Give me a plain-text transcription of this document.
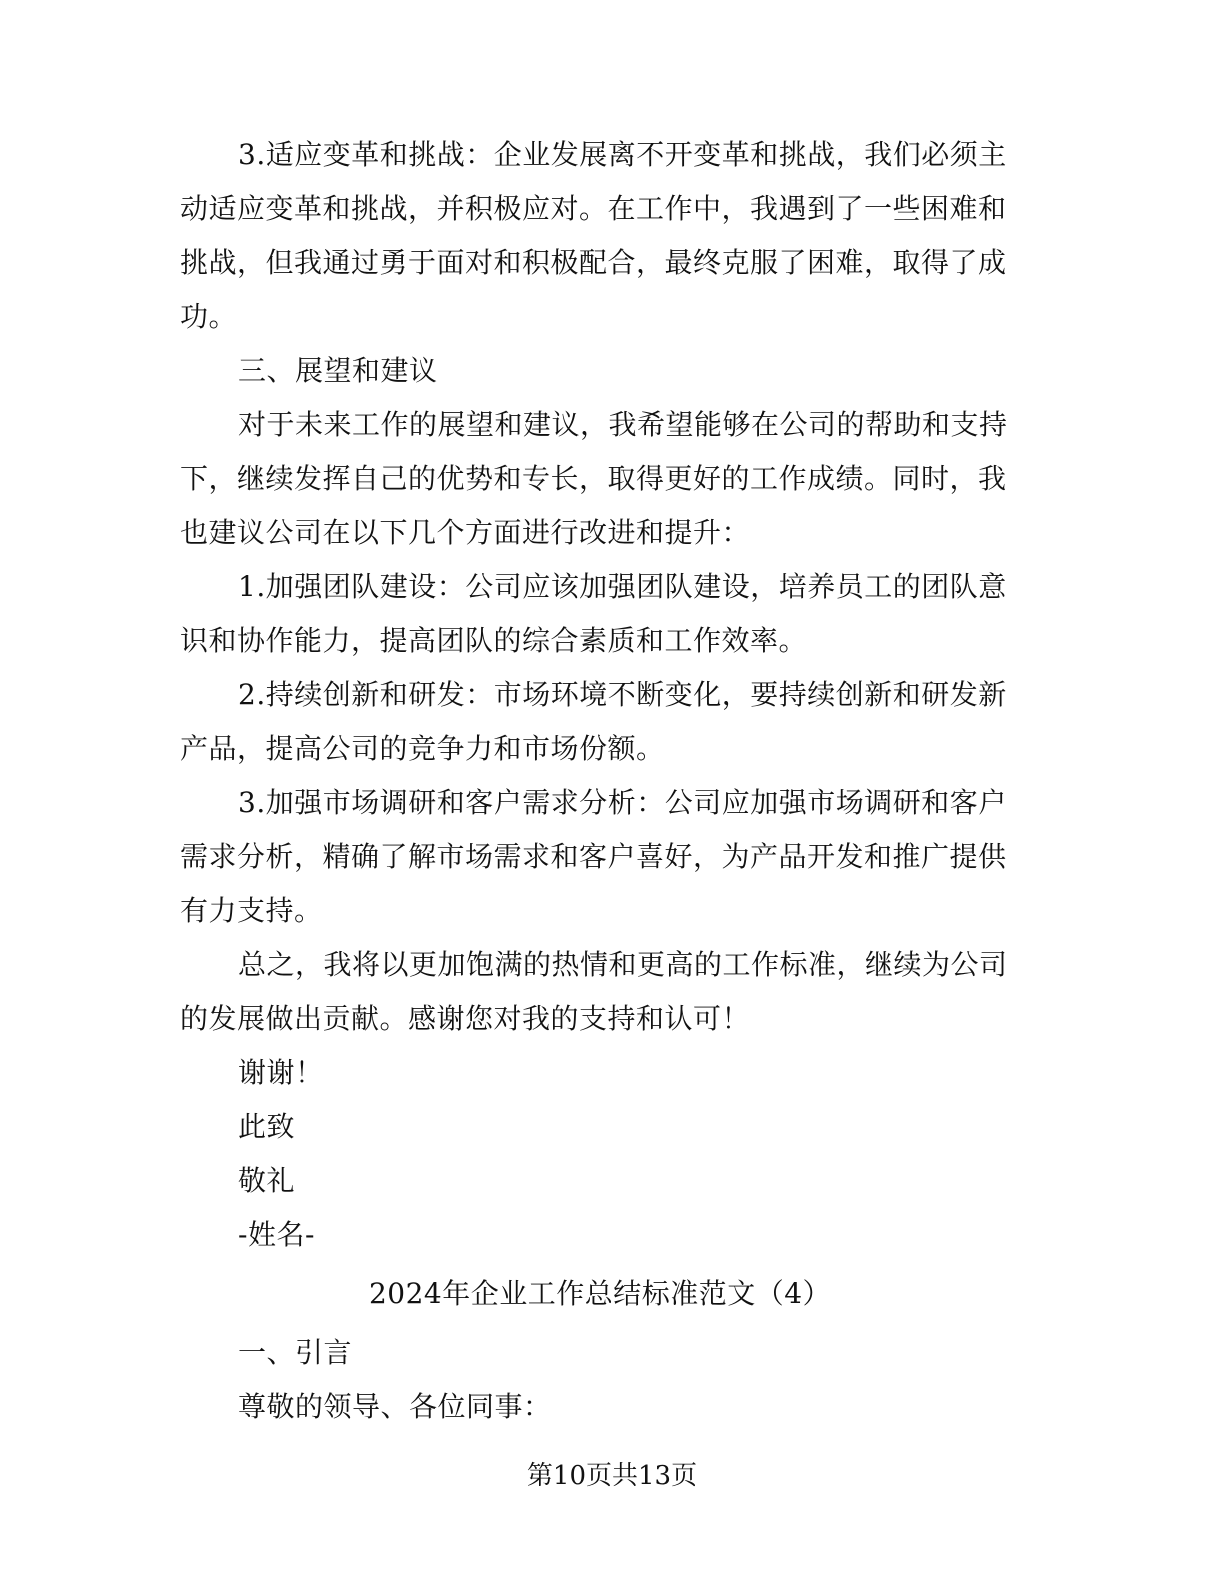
3.适应变革和挑战：企业发展离不开变革和挑战，我们必须主动适应变革和挑战，并积极应对。在工作中，我遇到了一些困难和挑战，但我通过勇于面对和积极配合，最终克服了困难，取得了成功。

三、展望和建议

对于未来工作的展望和建议，我希望能够在公司的帮助和支持下，继续发挥自己的优势和专长，取得更好的工作成绩。同时，我也建议公司在以下几个方面进行改进和提升：

1.加强团队建设：公司应该加强团队建设，培养员工的团队意识和协作能力，提高团队的综合素质和工作效率。

2.持续创新和研发：市场环境不断变化，要持续创新和研发新产品，提高公司的竞争力和市场份额。

3.加强市场调研和客户需求分析：公司应加强市场调研和客户需求分析，精确了解市场需求和客户喜好，为产品开发和推广提供有力支持。

总之，我将以更加饱满的热情和更高的工作标准，继续为公司的发展做出贡献。感谢您对我的支持和认可！

谢谢！

此致

敬礼

-姓名-

2024年企业工作总结标准范文（4）

一、引言

尊敬的领导、各位同事：

第10页共13页
